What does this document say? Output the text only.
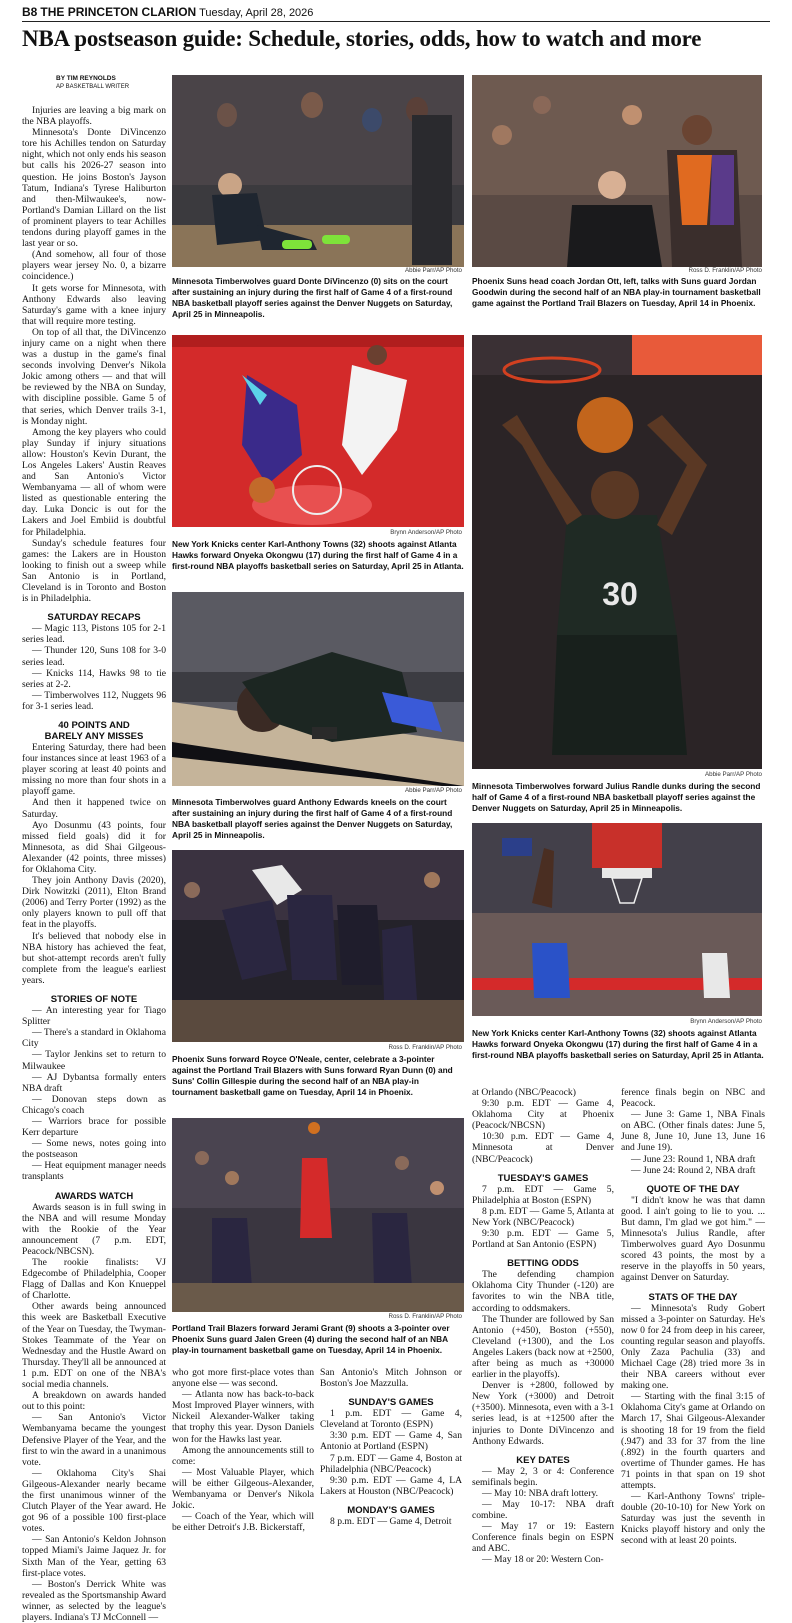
B8 THE PRINCETON CLARION Tuesday, April 28, 2026
NBA postseason guide: Schedule, stories, odds, how to watch and more
BY TIM REYNOLDS
AP BASKETBALL WRITER

Injuries are leaving a big mark on the NBA playoffs.

Minnesota's Donte DiVincenzo tore his Achilles tendon on Saturday night, which not only ends his season but calls his 2026-27 season into question. He joins Boston's Jayson Tatum, Indiana's Tyrese Haliburton and then-Milwaukee's, now-Portland's Damian Lillard on the list of prominent players to tear Achilles tendons during playoff games in the last year or so.

(And somehow, all four of those players wear jersey No. 0, a bizarre coincidence.)

It gets worse for Minnesota, with Anthony Edwards also leaving Saturday's game with a knee injury that will require more testing.

On top of all that, the DiVincenzo injury came on a night when there was a dustup in the game's final seconds involving Denver's Nikola Jokic among others — and that will be reviewed by the NBA on Sunday, with discipline possible. Game 5 of that series, which Denver trails 3-1, is Monday night.

Among the key players who could play Sunday if injury situations allow: Houston's Kevin Durant, the Los Angeles Lakers' Austin Reaves and San Antonio's Victor Wembanyama — all of whom were listed as questionable entering the day. Luka Doncic is out for the Lakers and Joel Embiid is doubtful for Philadelphia.

Sunday's schedule features four games: the Lakers are in Houston looking to finish out a sweep while San Antonio is in Portland, Cleveland is in Toronto and Boston is in Philadelphia.

SATURDAY RECAPS

— Magic 113, Pistons 105 for 2-1 series lead.

— Thunder 120, Suns 108 for 3-0 series lead.

— Knicks 114, Hawks 98 to tie series at 2-2.

— Timberwolves 112, Nuggets 96 for 3-1 series lead.

40 POINTS AND
BARELY ANY MISSES

Entering Saturday, there had been four instances since at least 1963 of a player scoring at least 40 points and missing no more than four shots in a playoff game.

And then it happened twice on Saturday.

Ayo Dosunmu (43 points, four missed field goals) did it for Minnesota, as did Shai Gilgeous-Alexander (42 points, three misses) for Oklahoma City.

They join Anthony Davis (2020), Dirk Nowitzki (2011), Elton Brand (2006) and Terry Porter (1992) as the only players known to pull off that feat in the playoffs.

It's believed that nobody else in NBA history has achieved the feat, but shot-attempt records aren't fully complete from the league's earliest years.

STORIES OF NOTE

— An interesting year for Tiago Splitter

— There's a standard in Oklahoma City

— Taylor Jenkins set to return to Milwaukee

— AJ Dybantsa formally enters NBA draft

— Donovan steps down as Chicago's coach

— Warriors brace for possible Kerr departure

— Some news, notes going into the postseason

— Heat equipment manager needs transplants

AWARDS WATCH

Awards season is in full swing in the NBA and will resume Monday with the Rookie of the Year announcement (7 p.m. EDT, Peacock/NBCSN).

The rookie finalists: VJ Edgecombe of Philadelphia, Cooper Flagg of Dallas and Kon Knueppel of Charlotte.

Other awards being announced this week are Basketball Executive of the Year on Tuesday, the Twyman-Stokes Teammate of the Year on Wednesday and the Hustle Award on Thursday. They'll all be announced at 1 p.m. EDT on one of the NBA's social media channels.

A breakdown on awards handed out to this point:

— San Antonio's Victor Wembanyama became the youngest Defensive Player of the Year, and the first to win the award in a unanimous vote.

— Oklahoma City's Shai Gilgeous-Alexander nearly became the first unanimous winner of the Clutch Player of the Year award. He got 96 of a possible 100 first-place votes.

— San Antonio's Keldon Johnson topped Miami's Jaime Jaquez Jr. for Sixth Man of the Year, getting 63 first-place votes.

— Boston's Derrick White was revealed as the Sportsmanship Award winner, as selected by the league's players. Indiana's TJ McConnell —

Abbie Parr/AP Photo
Minnesota Timberwolves guard Donte DiVincenzo (0) sits on the court after sustaining an injury during the first half of Game 4 of a first-round NBA basketball playoff series against the Denver Nuggets on Saturday, April 25 in Minneapolis.
Ross D. Franklin/AP Photo
Phoenix Suns head coach Jordan Ott, left, talks with Suns guard Jordan Goodwin during the second half of an NBA play-in tournament basketball game against the Portland Trail Blazers on Tuesday, April 14 in Phoenix.
Brynn Anderson/AP Photo
New York Knicks center Karl-Anthony Towns (32) shoots against Atlanta Hawks forward Onyeka Okongwu (17) during the first half of Game 4 in a first-round NBA playoffs basketball series on Saturday, April 25 in Atlanta.
30
Abbie Parr/AP Photo
Minnesota Timberwolves forward Julius Randle dunks during the second half of Game 4 of a first-round NBA basketball playoff series against the Denver Nuggets on Saturday, April 25 in Minneapolis.
Abbie Parr/AP Photo
Minnesota Timberwolves guard Anthony Edwards kneels on the court after sustaining an injury during the first half of Game 4 of a first-round NBA basketball playoff series against the Denver Nuggets on Saturday, April 25 in Minneapolis.
Brynn Anderson/AP Photo
New York Knicks center Karl-Anthony Towns (32) shoots against Atlanta Hawks forward Onyeka Okongwu (17) during the first half of Game 4 in a first-round NBA playoffs basketball series on Saturday, April 25 in Atlanta.
Ross D. Franklin/AP Photo
Phoenix Suns forward Royce O'Neale, center, celebrate a 3-pointer against the Portland Trail Blazers with Suns forward Ryan Dunn (0) and Suns' Collin Gillespie during the second half of an NBA play-in tournament basketball game on Tuesday, April 14 in Phoenix.
Ross D. Franklin/AP Photo
Portland Trail Blazers forward Jerami Grant (9) shoots a 3-pointer over Phoenix Suns guard Jalen Green (4) during the second half of an NBA play-in tournament basketball game on Tuesday, April 14 in Phoenix.

who got more first-place votes than anyone else — was second.

— Atlanta now has back-to-back Most Improved Player winners, with Nickeil Alexander-Walker taking that trophy this year. Dyson Daniels won for the Hawks last year.

Among the announcements still to come:

— Most Valuable Player, which will be either Gilgeous-Alexander, Wembanyama or Denver's Nikola Jokic.

— Coach of the Year, which will be either Detroit's J.B. Bickerstaff,

San Antonio's Mitch Johnson or Boston's Joe Mazzulla.

SUNDAY'S GAMES

1 p.m. EDT — Game 4, Cleveland at Toronto (ESPN)

3:30 p.m. EDT — Game 4, San Antonio at Portland (ESPN)

7 p.m. EDT — Game 4, Boston at Philadelphia (NBC/Peacock)

9:30 p.m. EDT — Game 4, LA Lakers at Houston (NBC/Peacock)

MONDAY'S GAMES

8 p.m. EDT — Game 4, Detroit

at Orlando (NBC/Peacock)

9:30 p.m. EDT — Game 4, Oklahoma City at Phoenix (Peacock/NBCSN)

10:30 p.m. EDT — Game 4, Minnesota at Denver (NBC/Peacock)

TUESDAY'S GAMES

7 p.m. EDT — Game 5, Philadelphia at Boston (ESPN)

8 p.m. EDT — Game 5, Atlanta at New York (NBC/Peacock)

9:30 p.m. EDT — Game 5, Portland at San Antonio (ESPN)

BETTING ODDS

The defending champion Oklahoma City Thunder (-120) are favorites to win the NBA title, according to oddsmakers.

The Thunder are followed by San Antonio (+450), Boston (+550), Cleveland (+1300), and the Los Angeles Lakers (back now at +2500, after being as much as +30000 earlier in the playoffs).

Denver is +2800, followed by New York (+3000) and Detroit (+3500). Minnesota, even with a 3-1 series lead, is at +12500 after the injuries to Donte DiVincenzo and Anthony Edwards.

KEY DATES

— May 2, 3 or 4: Conference semifinals begin.

— May 10: NBA draft lottery.

— May 10-17: NBA draft combine.

— May 17 or 19: Eastern Conference finals begin on ESPN and ABC.

— May 18 or 20: Western Con-

ference finals begin on NBC and Peacock.

— June 3: Game 1, NBA Finals on ABC. (Other finals dates: June 5, June 8, June 10, June 13, June 16 and June 19).

— June 23: Round 1, NBA draft

— June 24: Round 2, NBA draft

QUOTE OF THE DAY

"I didn't know he was that damn good. I ain't going to lie to you. ... But damn, I'm glad we got him." — Minnesota's Julius Randle, after Timberwolves guard Ayo Dosunmu scored 43 points, the most by a reserve in the playoffs in 50 years, against Denver on Saturday.

STATS OF THE DAY

— Minnesota's Rudy Gobert missed a 3-pointer on Saturday. He's now 0 for 24 from deep in his career, counting regular season and playoffs. Only Zaza Pachulia (33) and Michael Cage (28) tried more 3s in their NBA careers without ever making one.

— Starting with the final 3:15 of Oklahoma City's game at Orlando on March 17, Shai Gilgeous-Alexander is shooting 18 for 19 from the field (.947) and 33 for 37 from the line (.892) in the fourth quarters and overtime of Thunder games. He has 71 points in that span on 19 shot attempts.

— Karl-Anthony Towns' triple-double (20-10-10) for New York on Saturday was just the seventh in Knicks playoff history and only the second with at least 20 points.
